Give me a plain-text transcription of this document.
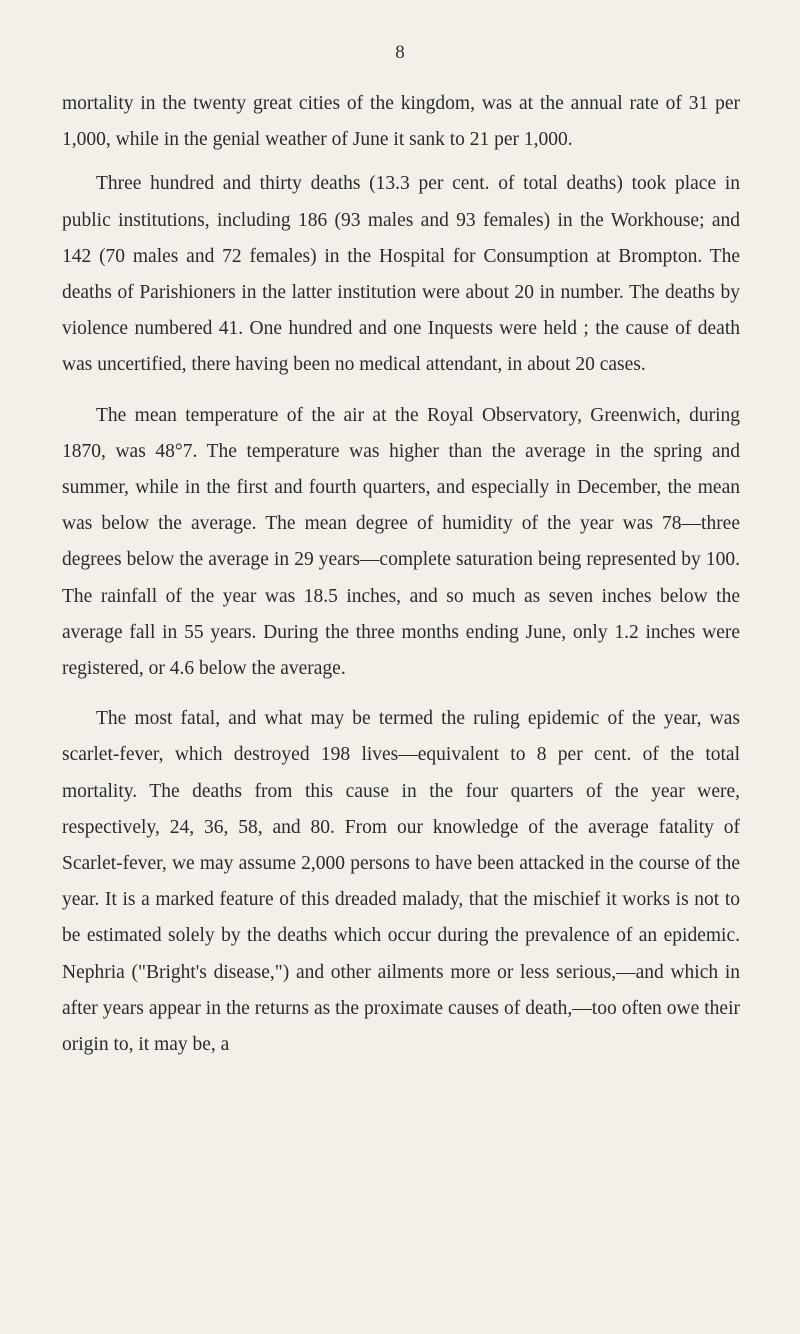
8

mortality in the twenty great cities of the kingdom, was at the annual rate of 31 per 1,000, while in the genial weather of June it sank to 21 per 1,000.

Three hundred and thirty deaths (13.3 per cent. of total deaths) took place in public institutions, including 186 (93 males and 93 females) in the Workhouse; and 142 (70 males and 72 females) in the Hospital for Consumption at Brompton. The deaths of Parishioners in the latter institution were about 20 in number. The deaths by violence numbered 41. One hundred and one Inquests were held ; the cause of death was uncertified, there having been no medical attendant, in about 20 cases.

The mean temperature of the air at the Royal Observatory, Greenwich, during 1870, was 48°7. The temperature was higher than the average in the spring and summer, while in the first and fourth quarters, and especially in December, the mean was below the average. The mean degree of humidity of the year was 78—three degrees below the average in 29 years—complete saturation being represented by 100. The rainfall of the year was 18.5 inches, and so much as seven inches below the average fall in 55 years. During the three months ending June, only 1.2 inches were registered, or 4.6 below the average.

The most fatal, and what may be termed the ruling epidemic of the year, was scarlet-fever, which destroyed 198 lives—equivalent to 8 per cent. of the total mortality. The deaths from this cause in the four quarters of the year were, respectively, 24, 36, 58, and 80. From our knowledge of the average fatality of Scarlet-fever, we may assume 2,000 persons to have been attacked in the course of the year. It is a marked feature of this dreaded malady, that the mischief it works is not to be estimated solely by the deaths which occur during the prevalence of an epidemic. Nephria ("Bright's disease,") and other ailments more or less serious,—and which in after years appear in the returns as the proximate causes of death,—too often owe their origin to, it may be, a
